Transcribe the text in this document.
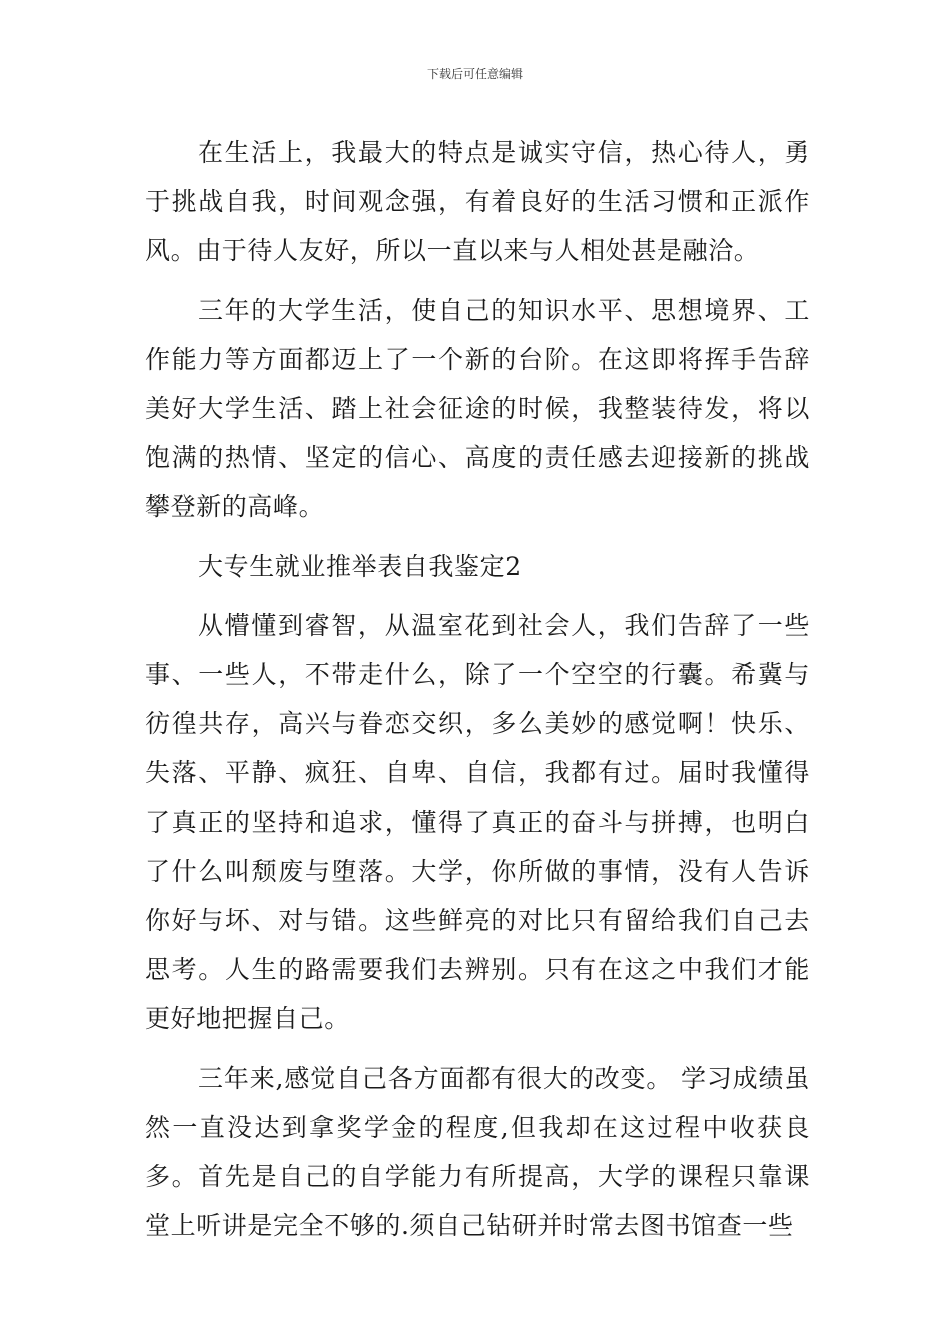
下载后可任意编辑

在生活上，我最大的特点是诚实守信，热心待人，勇于挑战自我，时间观念强，有着良好的生活习惯和正派作风。由于待人友好，所以一直以来与人相处甚是融洽。

三年的大学生活，使自己的知识水平、思想境界、工作能力等方面都迈上了一个新的台阶。在这即将挥手告辞美好大学生活、踏上社会征途的时候，我整装待发，将以饱满的热情、坚定的信心、高度的责任感去迎接新的挑战攀登新的高峰。

大专生就业推举表自我鉴定2

从懵懂到睿智，从温室花到社会人，我们告辞了一些事、一些人，不带走什么，除了一个空空的行囊。希冀与彷徨共存，高兴与眷恋交织，多么美妙的感觉啊！快乐、失落、平静、疯狂、自卑、自信，我都有过。届时我懂得了真正的坚持和追求，懂得了真正的奋斗与拼搏，也明白了什么叫颓废与堕落。大学，你所做的事情，没有人告诉你好与坏、对与错。这些鲜亮的对比只有留给我们自己去思考。人生的路需要我们去辨别。只有在这之中我们才能更好地把握自己。

三年来,感觉自己各方面都有很大的改变。 学习成绩虽然一直没达到拿奖学金的程度,但我却在这过程中收获良多。首先是自己的自学能力有所提高，大学的课程只靠课堂上听讲是完全不够的.须自己钻研并时常去图书馆查一些
